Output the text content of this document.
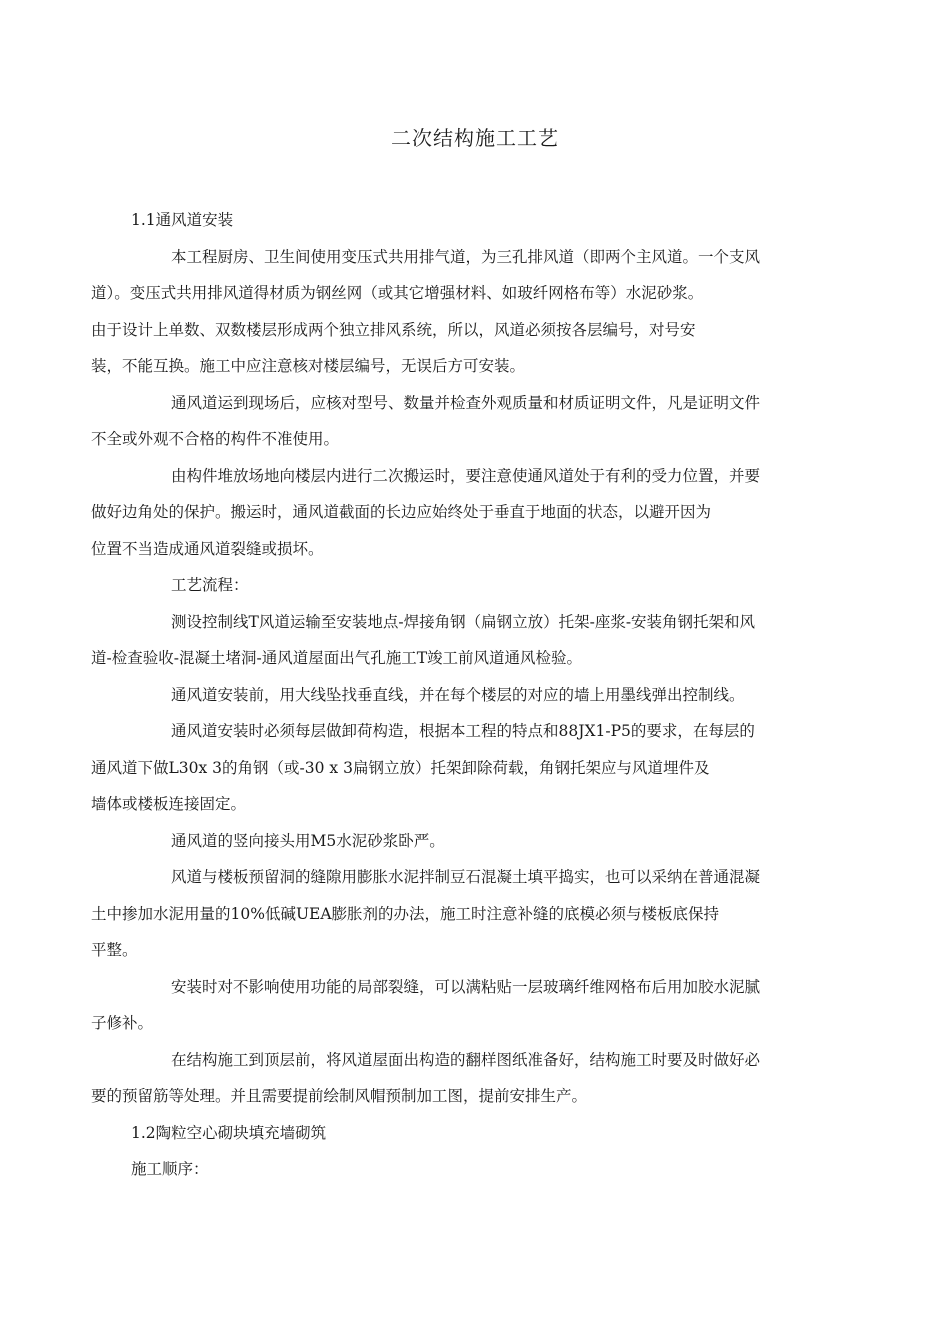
二次结构施工工艺
1.1通风道安装
本工程厨房、卫生间使用变压式共用排气道，为三孔排风道（即两个主风道。一个支风
道）。变压式共用排风道得材质为钢丝网（或其它增强材料、如玻纤网格布等）水泥砂浆。
由于设计上单数、双数楼层形成两个独立排风系统，所以，风道必须按各层编号，对号安
装，不能互换。施工中应注意核对楼层编号，无误后方可安装。
通风道运到现场后，应核对型号、数量并检查外观质量和材质证明文件，凡是证明文件
不全或外观不合格的构件不准使用。
由构件堆放场地向楼层内进行二次搬运时，要注意使通风道处于有利的受力位置，并要
做好边角处的保护。搬运时，通风道截面的长边应始终处于垂直于地面的状态，以避开因为
位置不当造成通风道裂缝或损坏。
工艺流程：
测设控制线T风道运输至安装地点-焊接角钢（扁钢立放）托架-座浆-安装角钢托架和风
道-检查验收-混凝土堵洞-通风道屋面出气孔施工T竣工前风道通风检验。
通风道安装前，用大线坠找垂直线，并在每个楼层的对应的墙上用墨线弹出控制线。
通风道安装时必须每层做卸荷构造，根据本工程的特点和88JX1-P5的要求，在每层的
通风道下做L30x 3的角钢（或-30 x 3扁钢立放）托架卸除荷载，角钢托架应与风道埋件及
墙体或楼板连接固定。
通风道的竖向接头用M5水泥砂浆卧严。
风道与楼板预留洞的缝隙用膨胀水泥拌制豆石混凝土填平捣实，也可以采纳在普通混凝
土中掺加水泥用量的10%低碱UEA膨胀剂的办法，施工时注意补缝的底模必须与楼板底保持
平整。
安装时对不影响使用功能的局部裂缝，可以满粘贴一层玻璃纤维网格布后用加胶水泥腻
子修补。
在结构施工到顶层前，将风道屋面出构造的翻样图纸准备好，结构施工时要及时做好必
要的预留筋等处理。并且需要提前绘制风帽预制加工图，提前安排生产。
1.2陶粒空心砌块填充墙砌筑
施工顺序：
